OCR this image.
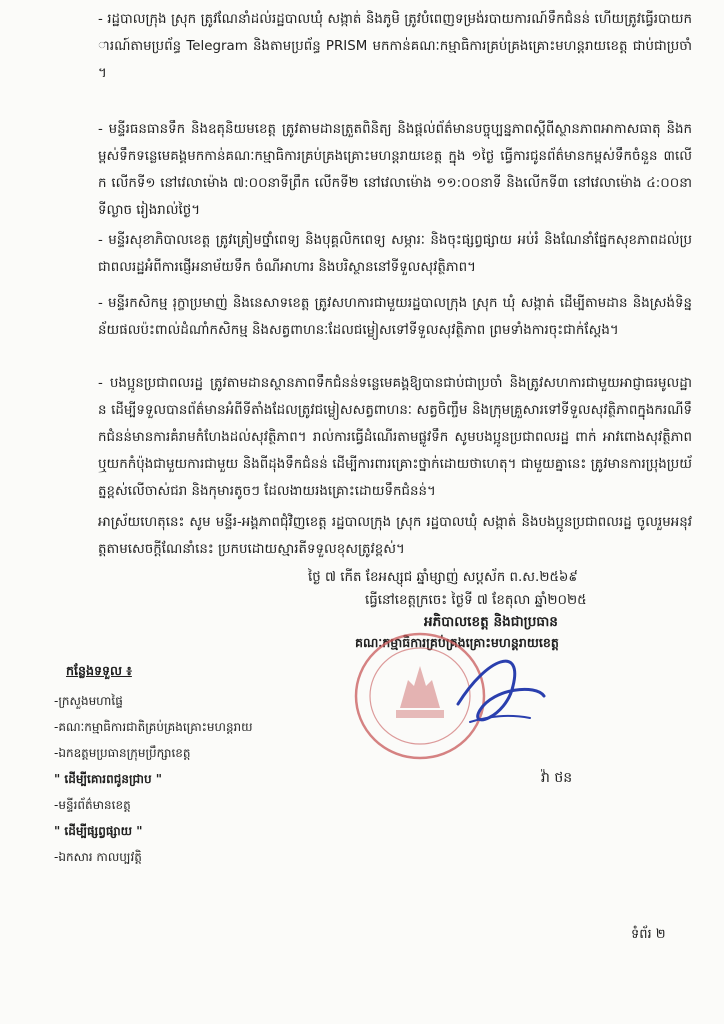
- រដ្ឋបាលក្រុង ស្រុក ត្រូវណែនាំដល់រដ្ឋបាលឃុំ សង្កាត់ និងភូមិ ត្រូវបំពេញទម្រង់របាយការណ៍ទឹកជំនន់ ហើយត្រូវធ្វើរបាយការណ៍តាមប្រព័ន្ធ Telegram និងតាមប្រព័ន្ធ PRISM មកកាន់គណៈកម្មាធិការគ្រប់គ្រងគ្រោះមហន្តរាយខេត្ត ជាប់ជាប្រចាំ។

- មន្ទីរធនធានទឹក និងឧតុនិយមខេត្ត ត្រូវតាមដានត្រួតពិនិត្យ និងផ្តល់ព័ត៌មានបច្ចុប្បន្នភាពស្តីពីស្ថានភាពអាកាសធាតុ និងកម្ពស់ទឹកទន្លេមេគង្គមកកាន់គណៈកម្មាធិការគ្រប់គ្រងគ្រោះមហន្តរាយខេត្ត ក្នុង ១ថ្ងៃ ធ្វើការជូនព័ត៌មានកម្ពស់ទឹកចំនួន ៣លើក លើកទី១ នៅវេលាម៉ោង ៧:០០នាទីព្រឹក លើកទី២ នៅវេលាម៉ោង ១១:០០នាទី និងលើកទី៣ នៅវេលាម៉ោង ៤:០០នាទីល្ងាច រៀងរាល់ថ្ងៃ។

- មន្ទីរសុខាភិបាលខេត្ត ត្រូវត្រៀមថ្នាំពេទ្យ និងបុគ្គលិកពេទ្យ សម្ភារៈ និងចុះផ្សព្វផ្សាយ អប់រំ និងណែនាំផ្នែកសុខភាពដល់ប្រជាពលរដ្ឋអំពីការផ្ញើអនាម័យទឹក ចំណីអាហារ និងបរិស្ថាននៅទីទួលសុវត្ថិភាព។

- មន្ទីរកសិកម្ម រុក្ខាប្រមាញ់ និងនេសាទខេត្ត ត្រូវសហការជាមួយរដ្ឋបាលក្រុង ស្រុក ឃុំ សង្កាត់ ដើម្បីតាមដាន និងស្រង់ទិន្នន័យផលប៉ះពាល់ដំណាំកសិកម្ម និងសត្វពាហនៈដែលជម្លៀសទៅទីទួលសុវត្ថិភាព ព្រមទាំងការចុះជាក់ស្តែង។

- បងប្អូនប្រជាពលរដ្ឋ ត្រូវតាមដានស្ថានភាពទឹកជំនន់ទន្លេមេគង្គឱ្យបានជាប់ជាប្រចាំ និងត្រូវសហការជាមួយអាជ្ញាធរមូលដ្ឋាន ដើម្បីទទួលបានព័ត៌មានអំពីទីតាំងដែលត្រូវជម្លៀសសត្វពាហនៈ សត្វចិញ្ចឹម និងក្រុមគ្រួសារទៅទីទួលសុវត្ថិភាពក្នុងករណីទឹកជំនន់មានការគំរាមកំហែងដល់សុវត្ថិភាព។ រាល់ការធ្វើដំណើរតាមផ្លូវទឹក សូមបងប្អូនប្រជាពលរដ្ឋ ពាក់ អាវពោងសុវត្ថិភាព ឬយកកំប៉ុងជាមួយការជាមួយ និងពីដុងទឹកជំនន់ ដើម្បីការពារគ្រោះថ្នាក់ដោយថាហេតុ។ ជាមួយគ្នានេះ ត្រូវមានការប្រុងប្រយ័ត្នខ្ពស់លើចាស់ជរា និងកុមារតូចៗ ដែលងាយរងគ្រោះដោយទឹកជំនន់។

អាស្រ័យហេតុនេះ សូម មន្ទីរ-អង្គភាពជុំវិញខេត្ត រដ្ឋបាលក្រុង ស្រុក រដ្ឋបាលឃុំ សង្កាត់ និងបងប្អូនប្រជាពលរដ្ឋ ចូលរួមអនុវត្តតាមសេចក្តីណែនាំនេះ ប្រកបដោយស្មារតីទទួលខុសត្រូវខ្ពស់។

ថ្ងៃ ៧ កើត ខែអស្សុជ ឆ្នាំម្សាញ់ សប្តស័ក ព.ស.២៥៦៩
ធ្វើនៅខេត្តក្រចេះ ថ្ងៃទី ៧ ខែតុលា ឆ្នាំ២០២៥
អភិបាលខេត្ត និងជាប្រធាន
គណៈកម្មាធិការគ្រប់គ្រងគ្រោះមហន្តរាយខេត្ត
វ៉ា ថន
កន្លែងទទួល ៖

-ក្រសួងមហាផ្ទៃ

-គណៈកម្មាធិការជាតិគ្រប់គ្រងគ្រោះមហន្តរាយ

-ឯកឧត្តមប្រធានក្រុមប្រឹក្សាខេត្ត

" ដើម្បីគោរពជូនជ្រាប "

-មន្ទីរព័ត៌មានខេត្ត

" ដើម្បីផ្សព្វផ្សាយ "

-ឯកសារ កាលប្បវត្តិ

ទំព័រ ២
